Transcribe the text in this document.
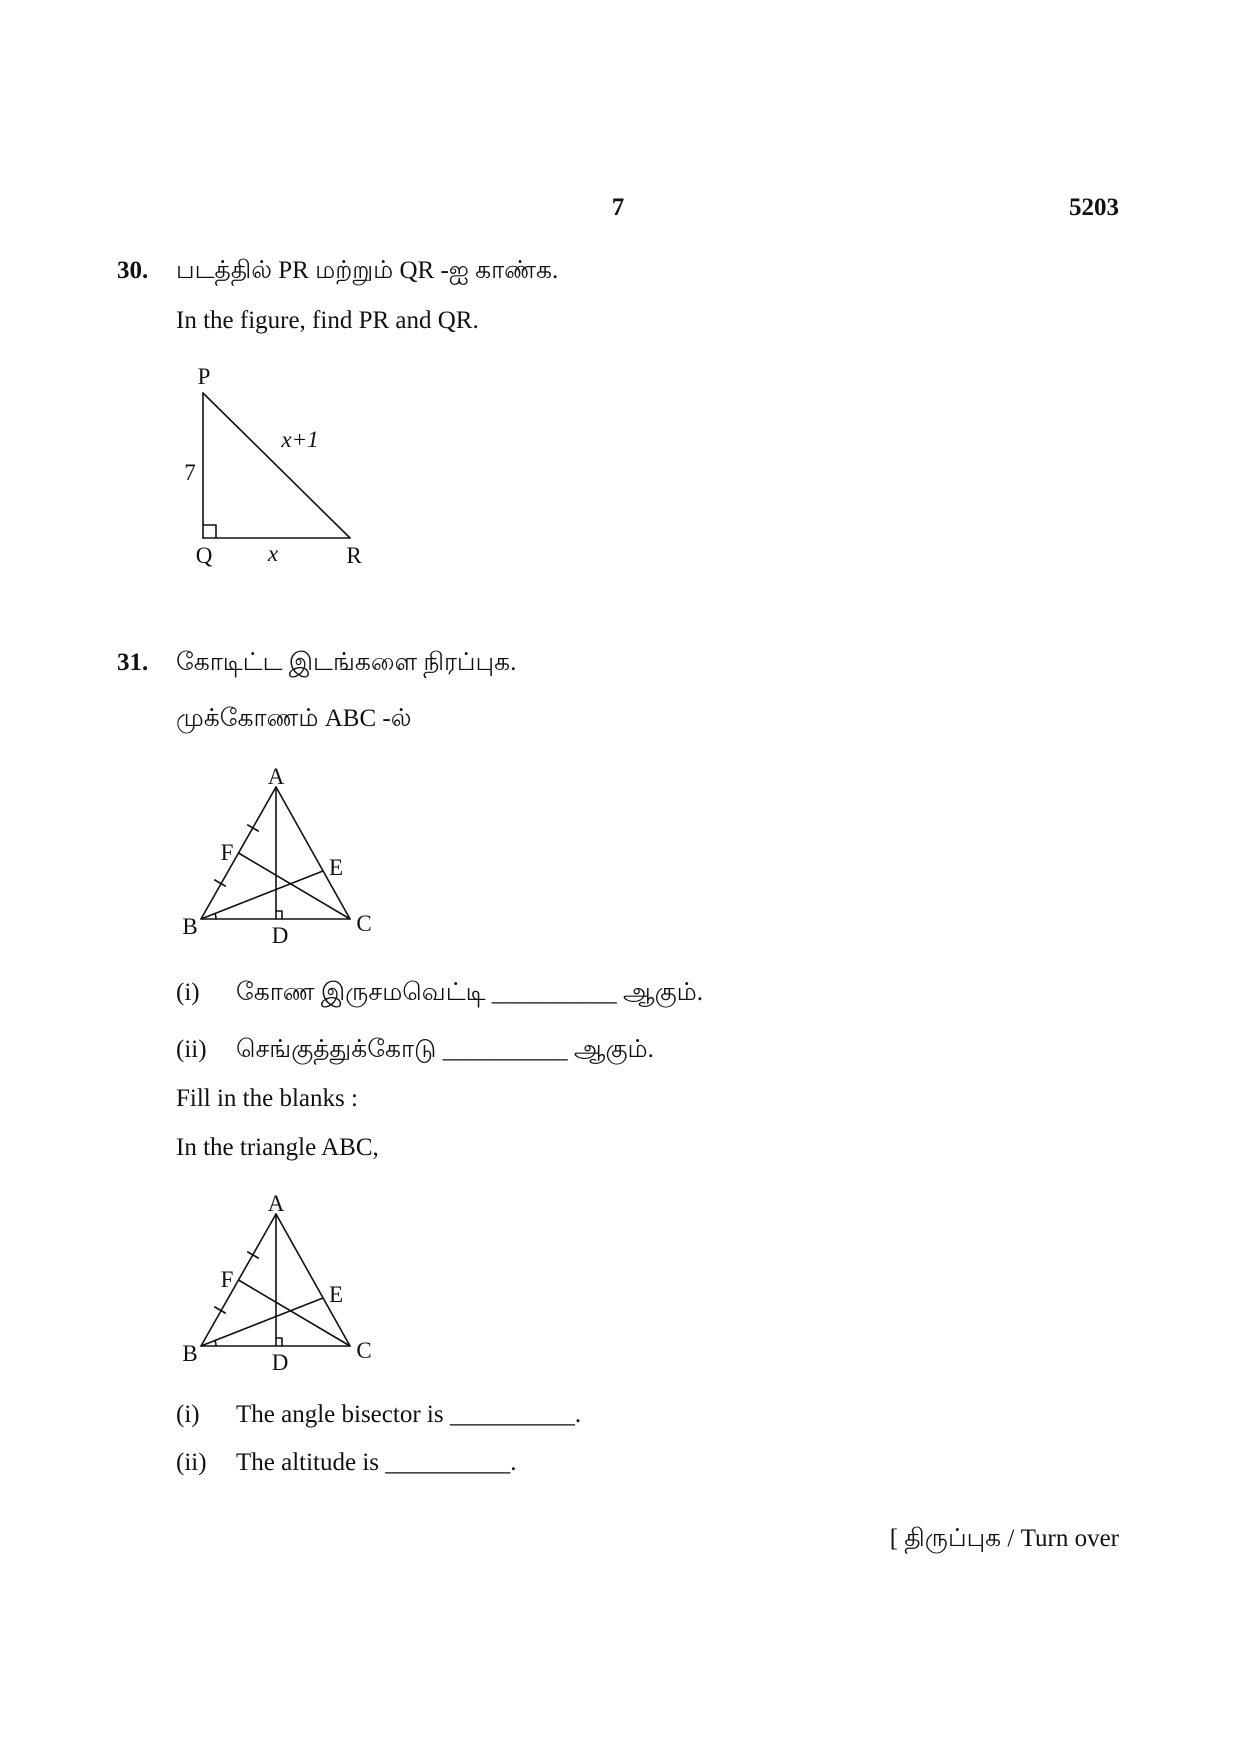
7	5203
30. படத்தில் PR மற்றும் QR -ஐ காண்க.
In the figure, find PR and QR.
P
7
x+1
Q x	R
31. கோடிட்ட இடங்களை நிரப்புக.
முக்கோணம் ABC -ல்
A
B	C
D
F
E
(i) கோண இருசமவெட்டி __________ ஆகும்.
(ii) செங்குத்துக்கோடு __________ ஆகும்.
Fill in the blanks :
In the triangle ABC,
A
B	C
D
F
E
(i) The angle bisector is __________.
(ii) The altitude is __________.
[ திருப்புக / Turn over
